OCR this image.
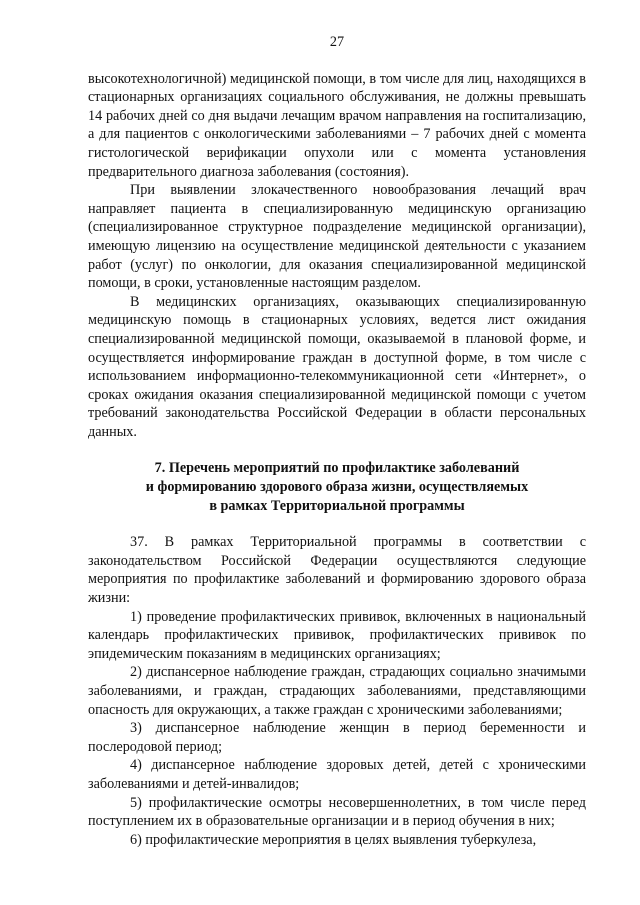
27

высокотехнологичной) медицинской помощи, в том числе для лиц, находящихся в стационарных организациях социального обслуживания, не должны превышать 14 рабочих дней со дня выдачи лечащим врачом направления на госпитализацию, а для пациентов с онкологическими заболеваниями – 7 рабочих дней с момента гистологической верификации опухоли или с момента установления предварительного диагноза заболевания (состояния).

При выявлении злокачественного новообразования лечащий врач направляет пациента в специализированную медицинскую организацию (специализированное структурное подразделение медицинской организации), имеющую лицензию на осуществление медицинской деятельности с указанием работ (услуг) по онкологии, для оказания специализированной медицинской помощи, в сроки, установленные настоящим разделом.

В медицинских организациях, оказывающих специализированную медицинскую помощь в стационарных условиях, ведется лист ожидания специализированной медицинской помощи, оказываемой в плановой форме, и осуществляется информирование граждан в доступной форме, в том числе с использованием информационно-телекоммуникационной сети «Интернет», о сроках ожидания оказания специализированной медицинской помощи с учетом требований законодательства Российской Федерации в области персональных данных.

7. Перечень мероприятий по профилактике заболеваний
и формированию здорового образа жизни, осуществляемых
в рамках Территориальной программы

37. В рамках Территориальной программы в соответствии с законодательством Российской Федерации осуществляются следующие мероприятия по профилактике заболеваний и формированию здорового образа жизни:

1) проведение профилактических прививок, включенных в национальный календарь профилактических прививок, профилактических прививок по эпидемическим показаниям в медицинских организациях;

2) диспансерное наблюдение граждан, страдающих социально значимыми заболеваниями, и граждан, страдающих заболеваниями, представляющими опасность для окружающих, а также граждан с хроническими заболеваниями;

3) диспансерное наблюдение женщин в период беременности и послеродовой период;

4) диспансерное наблюдение здоровых детей, детей с хроническими заболеваниями и детей-инвалидов;

5) профилактические осмотры несовершеннолетних, в том числе перед поступлением их в образовательные организации и в период обучения в них;

6) профилактические мероприятия в целях выявления туберкулеза,
